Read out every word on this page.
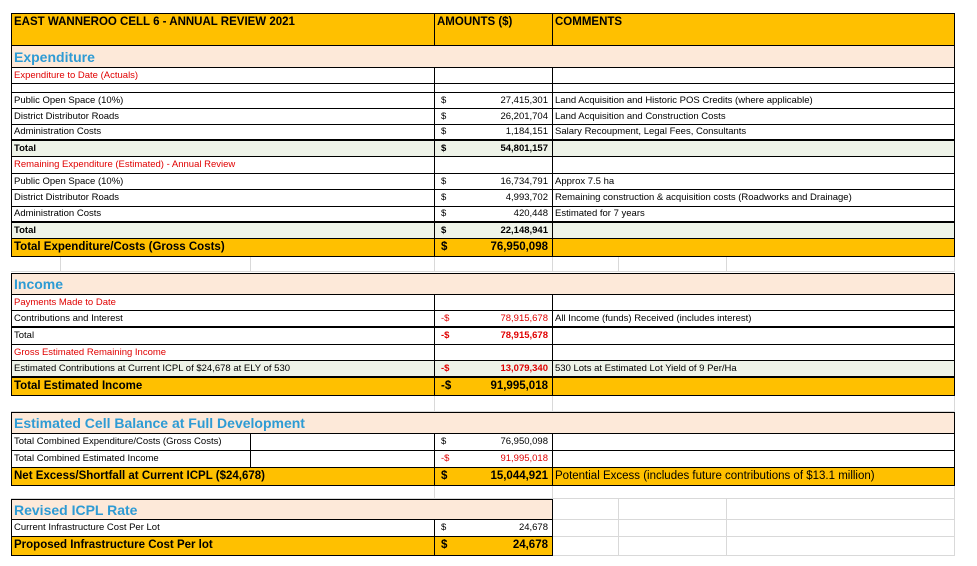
EAST WANNEROO CELL 6 - ANNUAL REVIEW 2021	AMOUNTS ($)	COMMENTS
Expenditure
Expenditure to Date (Actuals)
Public Open Space (10%)	$	27,415,301 Land Acquisition and Historic POS Credits (where applicable)
District Distributor Roads	$	26,201,704 Land Acquisition and Construction Costs
Administration Costs	$	1,184,151 Salary Recoupment, Legal Fees, Consultants
Total	$	54,801,157
Remaining Expenditure (Estimated) - Annual Review
Public Open Space (10%)	$	16,734,791 Approx 7.5 ha
District Distributor Roads	$	4,993,702 Remaining construction & acquisition costs (Roadworks and Drainage)
Administration Costs	$	420,448 Estimated for 7 years
Total	$	22,148,941
Total Expenditure/Costs (Gross Costs)	$	76,950,098
Income
Payments Made to Date
Contributions and Interest	-$	78,915,678 All Income (funds) Received (includes interest)
Total	-$	78,915,678
Gross Estimated Remaining Income
Estimated Contributions at Current ICPL of $24,678 at ELY of 530	-$	13,079,340 530 Lots at Estimated Lot Yield of 9 Per/Ha
Total Estimated Income	-$	91,995,018
Estimated Cell Balance at Full Development
Total Combined Expenditure/Costs (Gross Costs)	$	76,950,098
Total Combined Estimated Income	-$	91,995,018
Net Excess/Shortfall at Current ICPL ($24,678)	$	15,044,921 Potential Excess (includes future contributions of $13.1 million)
Revised ICPL Rate
Current Infrastructure Cost Per Lot	$	24,678
Proposed Infrastructure Cost Per lot	$	24,678
